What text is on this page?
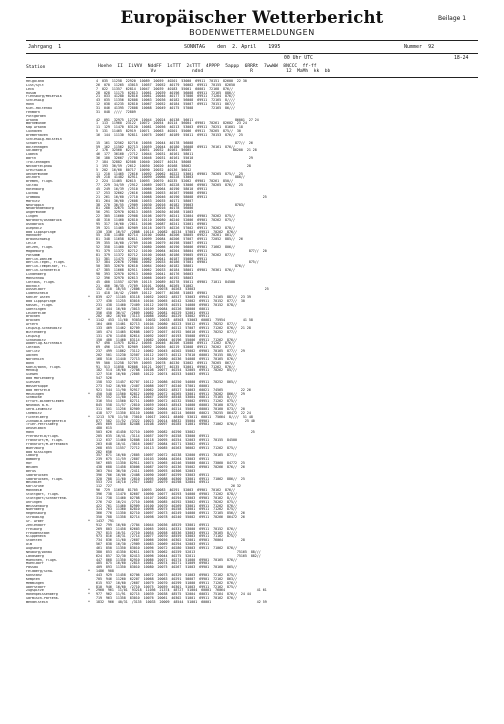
Europäischer Wetterbericht	Beilage 1
BODENWETTERMELDUNGEN
Jahrgang  1	SONNTAG    den  2. April    1995	Nummer  92
00 Uhr UTC	18-24
Station	Hoehe  II  IiVVV  NddFF  1sTTT  2sTTT  4PPPP  5appp  6RRRt  7wwWW  8NCCC  ff-ff
Vv             ndnd                 R            12  MaMh  kk  bb
Helgoland	4  035  11258  22920  10089  20059  40201  53000  69911  70151  82600  22 30
List/Sylt	26  070  11265  43015  10057  20052  40179  50002  69911  70155  82650
Leck	7  022  11357  62814  10047  20039  40183  55001  60001  72168  876//
Husum	28  028  11175  62813  10061  20039  40196  56008  69911  72165  886//
Flensburg/Meierwik	21  033  41280  82816  10061  20046  40177  57006  69911  71264  876//
Schleswig	43  035  11356  82808  10063  20036  40182  56008  69911  72165  8////
Hohn	12  038  41235  82810  10067  20052  40184  55007  69911  70151  867//
Kiel-Holtenau	31  046  41395  72808  10068  20049  40175  57008         72165  86///
Fehmarn	31  048  ////  72809
Puttgarden
Arkona	42  091  32975  12726  10044  20024  40138  56011                     86001  27 24
Warnemünde	1  113  11960  23122  10072  20054  40114  56004  69901  70261  82602  23 24
Kap Arkona	11  129  11470  83120  10081  20056  40213  53003  69911  70251  81601  18
Cuxhaven	5  131  11465  82919  10071  20063  40201  55006  69911  70265  875//  30
Bremerhaven	16  144  11130  92811  10075  20067  40189  55011  69911  70153  876//  25
Schleswig-Holstein
Schwerin	15  161  32562  82716  10056  20044  40178  56008                     877//  26
Boltenhagen	59  162  11562  82713  10059  20044  40180  56008  69911  76161  876//
Goldberg	2  170  32560  62721  10051  20032  40161  56005                     86200  21 28
Lübeck	46  177  36160  /2712  10044  20031  40161  58011
Barth	36  180  32667  /2708  10046  20031  40161  55010                            29
Trollenhagen	7  184  32882  82508  10040  20027  40134  58008
Neckartelpnow	1  193  36/59  /2612  10050  20020  40168  58002                            28
Greifswald	5  202  16/60  80717  10090  20032  40136  56012
Ueckermünde	11  210  11465  72616  10092  20062  40222  53001  69901  70265  875//  25
Ahlhorn	49  218  41482  82911  10099  20066  40228  53003                     880//
Bremen, Flugh.	2  224  11465  82615  10093  20070  40235  52002  69901  70261  850//
Soltau	77  229  34/59  /2912  10089  20073  40228  53006  69901  70265  876//  25
Rotenburg	45  249  16/39  /2510  10066  20064  40190  58010  69911
Lüchow	17  253  32662  /2616  10086  20053  40167  59008  69901
Grambow	21  261  16/60  /2710  10068  20046  40190  58008  69911                            25
Marnitz	81  264  36/60  /2608  10053  20035  40171  58007
Neuruppin	38  270  36/55  /2909  10030  20016  40182  59003                     8703/
Neubrandenburg	81  280  32675  32613  10044  20016  40178  56006
Angermünde	56  291  32970  02813  10055  20030  40168  51003
Lingen	22  305  11660  22908  10106  20079  40241  52004  69901  70262  875//
Nordhorn/Osnabrück	48  310  11460  82810  10110  20080  40240  52006  69901  70262  875//
Osnabrück	95  317  16/60  /2811  10106  20087  40241  52001  69901
Diepholz	39  321  11465  82909  10116  20075  40226  57002  69911  70262  878//
Bad Lippspringe	130  336  16/57  /2808  10114  20082  40234  57001  69911  70262  876//
Hannover	55  338  11460  82714  10100  20084  40206  58005  69921  70261  861//
Braunschweig	81  348  11658  82611  10099  20084  40206  57007  69911  72052  885//  26
Celle	39  355  16/60  /2709  10106  20079  40198  55007  69911
Uelzen, Flugh.	52  358  11460  82707  10080  20066  40190  56006  69901  71662  806//
Magdeburg	91  379  11372  82712  10100  20064  40204  58004  69911                     877//  20
Potsdam	81  379  11372  82712  10100  20048  40186  59005  69911  76262  877//
Berlin-Dahlem	51  381  11475  72804  10062  20041  40187  55006  69911
Berlin-Tegel, Flugh.	37  384  22676  72908  10062  20033  40186  57001  69901                     875//
Berlin-Tempelhof, Fl.	50  385  32670  82610  10064  20040  40182  58001                     876//
Berlin-Schönefeld	47  385  11668  82911  10062  20033  40184  58001  69901  76361  876//
Lindenberg	98  393  32970  02913  10060  20041  40176  56003
Manschnow	12  396  32970  02613  10066  20049  40192  58003
Cottbus, Flugh.	45  400  11557  42709  10115  20089  40278  55011  69901  71011  84500
Bocholt	21  406  36/35  /2709  10101  20084  40265  51002
Düsseldorf	152  410  16/55  /2806  10109  20078  40263  53003                                   25
Lüdenscheid	11  418  16/42  /2009  10112  20077  40268  51003  69901
Kahler Asten	*	839  427  11105  83118  10052  20052  48527  53003  69941  74165  887//  23 39
Bad Lippspringe	177  430  11255  83016  10104  20065  40242  52002  69911  70152  877//  30
Kassel, Flugh.	231  438  11460  72409  10112  20078  40251  54000  69901  70152  878//
Goettingen	167  444  16/60  /3013  10109  20084  40226  58000  60011
Leinefelde	356  450  36/47  /2609  10082  20081  40229  52001  69911
Brocken	282  462  16/60  /3113  10086  20082  40229  53002  69911
Brocken	*	1142  453  11/60  93034  10032  20033  48503  53003  60081  75954         41 58
Artern	164  460  11461  82713  10104  20080  40223  55012  69911  70252  877//
Leipzig-Schkeuditz	133  469  11462  82709  10103  20085  40212  57007  69911  71262  876//  21 28
Wittenberg	105  474  11465  82608  10072  20057  40192  56010  69911  70252  877//
Leipzig	131  470  11458  82614  10092  20057  40193  55008  69911
Schkeuditz	150  480  11460  83114  10082  20064  40196  55006  69911  71262  876//
Doberlug-Kirchhain	97  490  11975  82812  10056  20046  40206  52008  69911  71262  876//
Cottbus	69  496  11475  82909  10092  20056  40219  52008  69911  70262  877//
Görlitz	237  499  11862  73112  10062  20045  40202  55002  69901  70165  877//  29
Aachen	202  501  11230  32507  10112  20073  40212  57010  60001  70155  88///
Nörvenich	168  510  11440  72713  10119  20080  40236  54008  69911  70165  876//
Bonn	99  500  11258  52709  10093  20078  40230  52002  69911  70265  867//
Koeln/Bonn, Flugh.	91  513  11858  82808  10121  20077  40235  52001  69901  71262  876//
Mendig	182  514  16/60  /2708  10108  20077  40254  52005  69911  70262  85///
Gießen	127  516  16/60  /2005  10122  20074  40253  54003  69911
Bad Marienberg	547  526
Giessen	158  532  11457  62707  10112  20086  40250  54000  69911  70252  865//
Wasserkuppe	273  542  16/60  /2407  10086  20077  40240  57001  60001
Bad Hersfeld	921  544  11/90  92917  10062  20052  48527  54003  60021  74565         22 26
Meiningen	*	450  548  11560  82812  10090  20072  40265  53001  69911  70262  866//  29
Schmücke	937  552  11/80  /2611  10047  20039  48548  53004  60011  75165  8////
Erfurt-Bindersleben	316  554  11560  82711  10089  20072  40232  55002  69951  71262  875//
Neuhaus a.R.	845  558  11/57  /2810  10059  20043  48543  54000  60001  70160  873//
Gera-Leumnitz	311  561  11256  82909  10082  20064  40214  55001  60001  70160  873//  20
Chemnitz	418  577  11350  83110  10086  20055  40214  56000  60021  70255  86472  22 24
Fichtelberg	*	1213  578  11/50  73010  10017  20011  48460  53011  60011  75664  8////  51 48
Zinnwald-Georgenfeld	877  582  11/52  /3322  10023  20014  48632  55004  69901                  25 40
Trier-Petrisberg	265  609  11450  82408  10108  20097  40285  51001  69901  71062  876//
Deuselbach	480  615
Hahn	503  626  41450  52710  10099  20082  40290  53002                            25
Pferdsfeld/Flugh.	205  635  16/41  /3114  10057  20079  40258  53000  69911
Frankfurt/M, Flugh.	112  637  11460  52808  10118  20095  40254  52003  69911  70155  84500
Frankfurt/M-Offenbach	263  648  16/41  /3016  10067  20084  40271  53002  69911
Wuerzburg	268  655  11557  72712  10113  20085  40263  56002  69911  71262  875//
Bad Kissingen	282  656
Coburg	357  671  16/60  /2805  10097  20072  40238  52000  69911  70165  877//
Bamberg	239  675  11/59  /2807  10103  20084  40264  53003  69911
Hof	567  685  11350  82911  10074  20065  40246  55000  60011  73060  84772  25
Weiden	438  688  11458  83006  10087  20070  40236  55002  69901  70266  876//  26
Berus	363  704  36/50  /2411  10095  20093  40306  52003
Saarbrücken	396  706  16/06  /2408  10090  20087  40299  53003  69911
Saarbrücken, Flugh.	320  708  11/60  /2810  10095  20088  40300  53001  69911  71062  886//  25
Weinbiet	553  724  16/10  /2917  10087  20079  40298  52004  69911
Karlsruhe	112  727                                                            26 32
Mannheim	96  729  11658  81705  10093  20083  40291  52003  69901  70162  876//
Stuttgart, Flugh.	396  738  11470  82607  10090  20077  40293  54000  69901  71262  878//
Stuttgart/Schnarrenb.	314  738  11460  02708  10107  20082  40294  53003  69901  70162  8////
Öhringen	276  742  16/24  /2710  10098  20085  40292  53002  69911  70262  875//
Weissenburg	422  761  11460  82909  10100  20070  40269  53001  69911  71262  876//
Nuernberg	314  763  11360  82810  10098  20075  40258  53001  69911  71262  875//
Regensburg	366  776  11350  82710  10097  20073  40249  54000  69911  72165  856//  26
Straubing	350  788  11358  82714  10098  20078  40240  55002  69911  70266  86472  26
Gr. Arber	*	1437  791
Zehlendorf	912  799  16/60  /2704  10044  20036  48529  53001  69911
Freiburg	269  803  11458  62603  10065  20051  40331  53000  69911  70152  876//
Freudenstadt	797  815  16/51  /2710  10054  20058  48536  53003  69911  70165  8////
Klippeneck	973  816  16/31  /2714  10077  20070  48559  53003  69911  71162  875//
Stoetten	734  836  11/60  /2607  10066  20056  40302  52001  69901  76064         28
Ulm	567  838  16/30  /2909  10083  20069  40294  52003  69911
Augsburg	461  850  11350  83010  10096  20072  40280  53003  69911  71062  876//
Neuburg/Donau	380  853  41350  82611  10078  20062  40259  52013                     75165  88///
Landsberg	624  857  32/30  82413  10096  20044  40275  52011                     75165  882//
Muenchen, Flugh.	447  868  11350  82910  10086  20071  40274  51000  69901  70165  876//
Muehldorf	405  875  16/60  /2815  10081  20074  40271  51009  69901
Passau	409  893  11350  83010  10080  20075  40267  51003  69901  70160  865//
Feldberg/Schw.	*	1486  908
Konstanz	443  929  11458  62706  10072  20073  40329  51003  69901  72162  875//
Kempten	705  946  11260  62207  10068  20063  40291  50007  69901  72162  863//
Memmingen	615  937  16/60  /2607  10079  20070  40299  51000  69911  71262  876//
Oberstdorf	810  946  16/60  /2710  10075  20059  40301  51003  69911  72162  875//
Zugspitze	*	2960  961  11/01  93218  11056  21374  48727  51004  60001  76064                41 61
Hohenpeissenberg	*	977  962  11/91  02715  10039  20038  48575  52004  60031  75164  876//  24 44
Garmisch-Partenk.	719  963  11358  83010  10076  20061  40302  51001  69911  70162  876//
Wendelstein	*	1832  966  40/31  /3135  10033  20009  48544  51001  60001                       42 59
